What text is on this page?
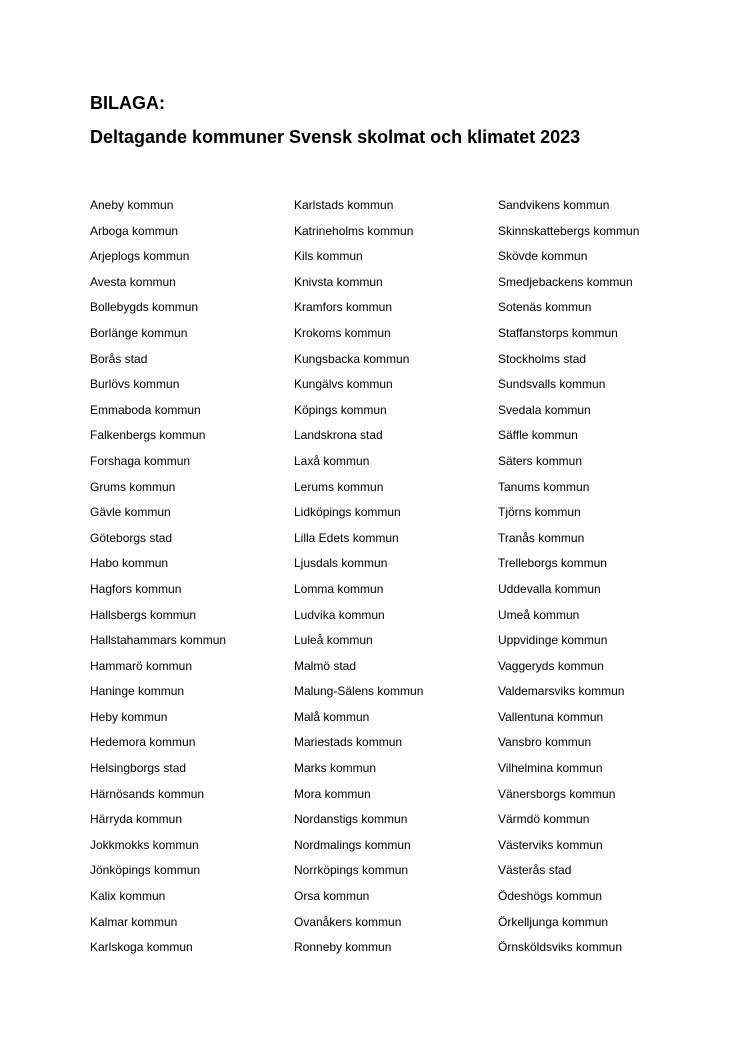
BILAGA:
Deltagande kommuner Svensk skolmat och klimatet 2023
Aneby kommun
Arboga kommun
Arjeplogs kommun
Avesta kommun
Bollebygds kommun
Borlänge kommun
Borås stad
Burlövs kommun
Emmaboda kommun
Falkenbergs kommun
Forshaga kommun
Grums kommun
Gävle kommun
Göteborgs stad
Habo kommun
Hagfors kommun
Hallsbergs kommun
Hallstahammars kommun
Hammarö kommun
Haninge kommun
Heby kommun
Hedemora kommun
Helsingborgs stad
Härnösands kommun
Härryda kommun
Jokkmokks kommun
Jönköpings kommun
Kalix kommun
Kalmar kommun
Karlskoga kommun
Karlstads kommun
Katrineholms kommun
Kils kommun
Knivsta kommun
Kramfors kommun
Krokoms kommun
Kungsbacka kommun
Kungälvs kommun
Köpings kommun
Landskrona stad
Laxå kommun
Lerums kommun
Lidköpings kommun
Lilla Edets kommun
Ljusdals kommun
Lomma kommun
Ludvika kommun
Luleå kommun
Malmö stad
Malung-Sälens kommun
Malå kommun
Mariestads kommun
Marks kommun
Mora kommun
Nordanstigs kommun
Nordmalings kommun
Norrköpings kommun
Orsa kommun
Ovanåkers kommun
Ronneby kommun
Sandvikens kommun
Skinnskattebergs kommun
Skövde kommun
Smedjebackens kommun
Sotenäs kommun
Staffanstorps kommun
Stockholms stad
Sundsvalls kommun
Svedala kommun
Säffle kommun
Säters kommun
Tanums kommun
Tjörns kommun
Tranås kommun
Trelleborgs kommun
Uddevalla kommun
Umeå kommun
Uppvidinge kommun
Vaggeryds kommun
Valdemarsviks kommun
Vallentuna kommun
Vansbro kommun
Vilhelmina kommun
Vänersborgs kommun
Värmdö kommun
Västerviks kommun
Västerås stad
Ödeshögs kommun
Örkelljunga kommun
Örnsköldsviks kommun
